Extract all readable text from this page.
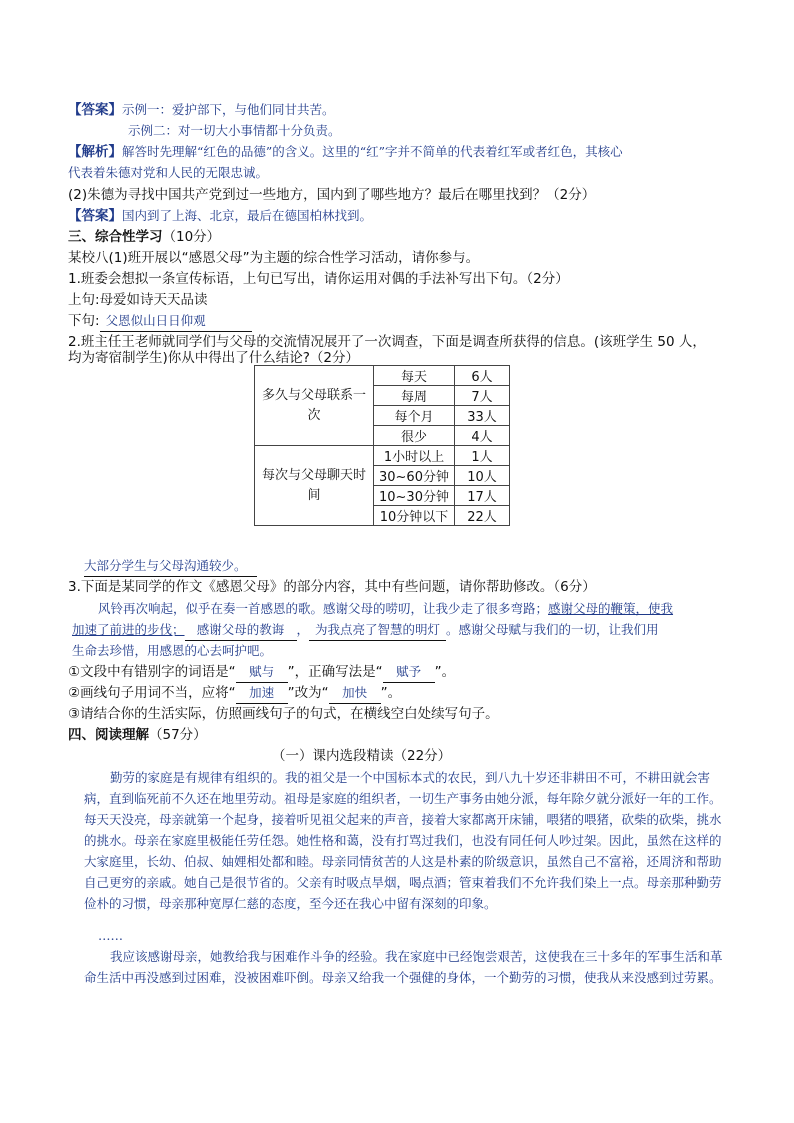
【答案】示例一：爱护部下，与他们同甘共苦。
示例二：对一切大小事情都十分负责。
【解析】解答时先理解“红色的品德”的含义。这里的“红”字并不简单的代表着红军或者红色，其核心
代表着朱德对党和人民的无限忠诚。
(2)朱德为寻找中国共产党到过一些地方，国内到了哪些地方？最后在哪里找到？（2分）
【答案】国内到了上海、北京，最后在德国柏林找到。
三、综合性学习（10分）
某校八(1)班开展以“感恩父母”为主题的综合性学习活动，请你参与。
1.班委会想拟一条宣传标语，上句已写出，请你运用对偶的手法补写出下句。（2分）
上句:母爱如诗天天品读
下句: 父恩似山日日仰观
2.班主任王老师就同学们与父母的交流情况展开了一次调查，下面是调查所获得的信息。(该班学生 50 人，
均为寄宿制学生)你从中得出了什么结论?（2分）
多久与父母联系一
次	每天	6人
	每周	7人
	每个月	33人
	很少	4人

每次与父母聊天时
间	1小时以上	1人
	30~60分钟	10人
	10~30分钟	17人
	10分钟以下	22人
大部分学生与父母沟通较少。
3.下面是某同学的作文《感恩父母》的部分内容，其中有些问题，请你帮助修改。（6分）
风铃再次响起，似乎在奏一首感恩的歌。感谢父母的唠叨，让我少走了很多弯路；感谢父母的鞭策，使我
加速了前进的步伐； 感谢父母的教诲 ， 为我点亮了智慧的明灯 。感谢父母赋与我们的一切，让我们用
生命去珍惜，用感恩的心去呵护吧。
①文段中有错别字的词语是“ 赋与 ”，正确写法是“ 赋予 ”。
②画线句子用词不当，应将“ 加速 ”改为“ 加快 ”。
③请结合你的生活实际，仿照画线句子的句式，在横线空白处续写句子。
四、阅读理解（57分）
（一）课内选段精读（22分）
勤劳的家庭是有规律有组织的。我的祖父是一个中国标本式的农民，到八九十岁还非耕田不可，不耕田就会害病，直到临死前不久还在地里劳动。祖母是家庭的组织者，一切生产事务由她分派，每年除夕就分派好一年的工作。每天天没亮，母亲就第一个起身，接着听见祖父起来的声音，接着大家都离开床铺，喂猪的喂猪，砍柴的砍柴，挑水的挑水。母亲在家庭里极能任劳任怨。她性格和蔼，没有打骂过我们，也没有同任何人吵过架。因此，虽然在这样的大家庭里，长幼、伯叔、妯娌相处都和睦。母亲同情贫苦的人这是朴素的阶级意识，虽然自己不富裕，还周济和帮助自己更穷的亲戚。她自己是很节省的。父亲有时吸点旱烟，喝点酒；管束着我们不允许我们染上一点。母亲那种勤劳俭朴的习惯，母亲那种宽厚仁慈的态度，至今还在我心中留有深刻的印象。
……
我应该感谢母亲，她教给我与困难作斗争的经验。我在家庭中已经饱尝艰苦，这使我在三十多年的军事生活和革命生活中再没感到过困难，没被困难吓倒。母亲又给我一个强健的身体，一个勤劳的习惯，使我从来没感到过劳累。
